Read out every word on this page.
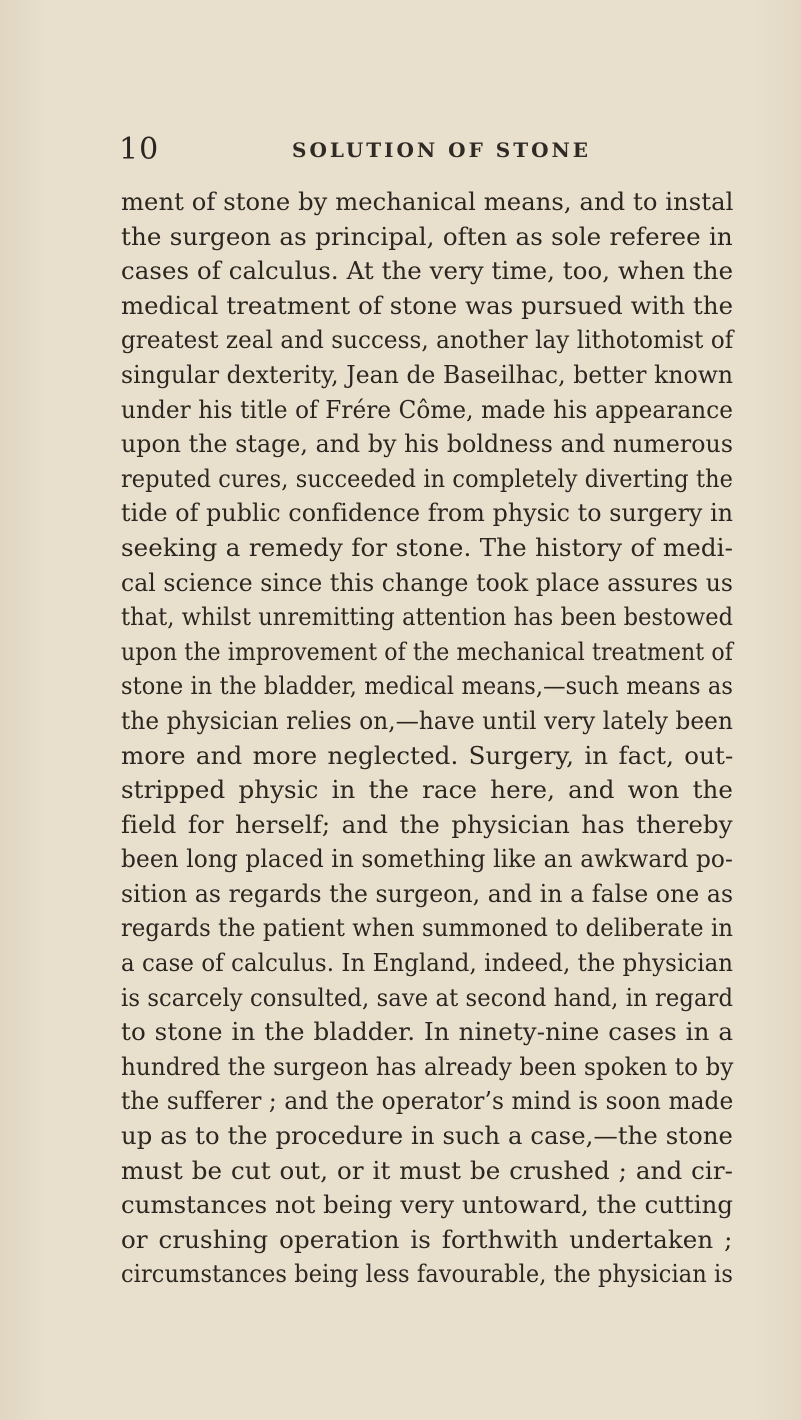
10	SOLUTION OF STONE
ment of stone by mechanical means, and to instal
the surgeon as principal, often as sole referee in
cases of calculus. At the very time, too, when the
medical treatment of stone was pursued with the
greatest zeal and success, another lay lithotomist of
singular dexterity, Jean de Baseilhac, better known
under his title of Frére Côme, made his appearance
upon the stage, and by his boldness and numerous
reputed cures, succeeded in completely diverting the
tide of public confidence from physic to surgery in
seeking a remedy for stone. The history of medi-
cal science since this change took place assures us
that, whilst unremitting attention has been bestowed
upon the improvement of the mechanical treatment of
stone in the bladder, medical means,—such means as
the physician relies on,—have until very lately been
more and more neglected. Surgery, in fact, out-
stripped physic in the race here, and won the
field for herself; and the physician has thereby
been long placed in something like an awkward po-
sition as regards the surgeon, and in a false one as
regards the patient when summoned to deliberate in
a case of calculus. In England, indeed, the physician
is scarcely consulted, save at second hand, in regard
to stone in the bladder. In ninety-nine cases in a
hundred the surgeon has already been spoken to by
the sufferer ; and the operator’s mind is soon made
up as to the procedure in such a case,—the stone
must be cut out, or it must be crushed ; and cir-
cumstances not being very untoward, the cutting
or crushing operation is forthwith undertaken ;
circumstances being less favourable, the physician is
